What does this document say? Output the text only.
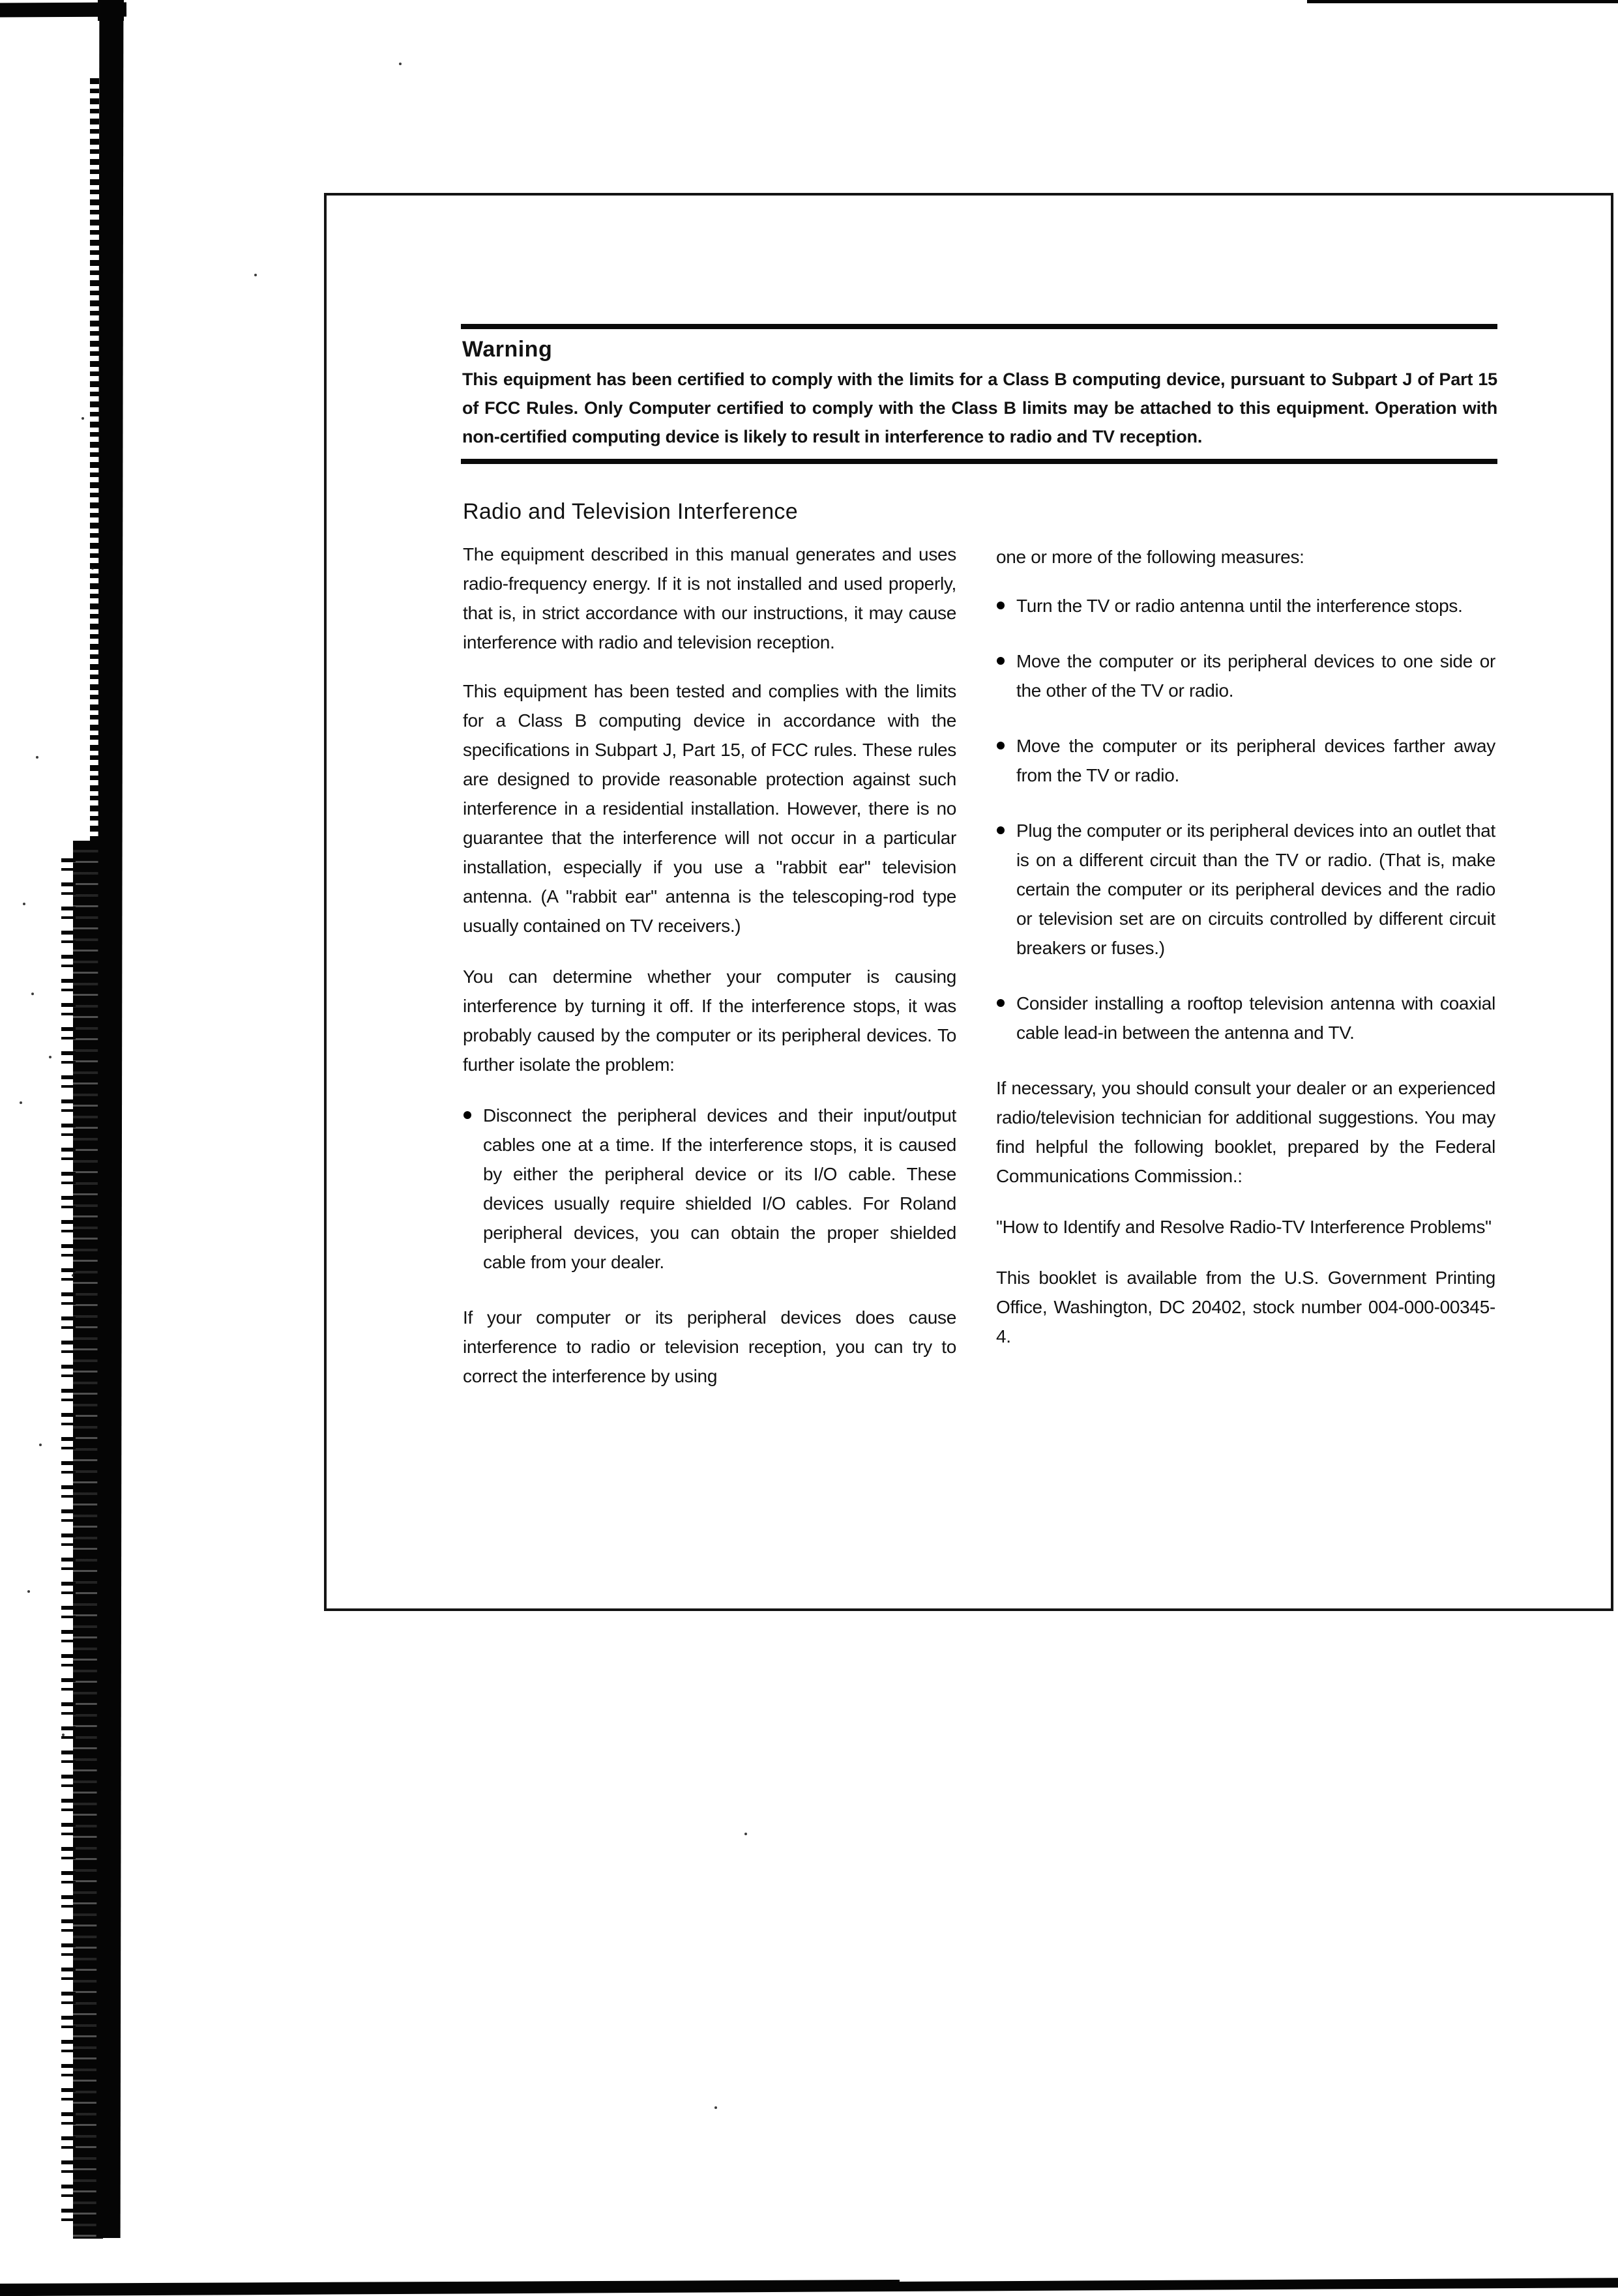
Warning

This equipment has been certified to comply with the limits for a Class B computing device, pursuant to Subpart J of Part 15 of FCC Rules. Only Computer certified to comply with the Class B limits may be attached to this equipment. Operation with non-certified computing device is likely to result in interference to radio and TV reception.

Radio and Television Interference

The equipment described in this manual generates and uses radio-frequency energy. If it is not installed and used properly, that is, in strict accordance with our instructions, it may cause interference with radio and television reception.

This equipment has been tested and complies with the limits for a Class B computing device in accordance with the specifications in Subpart J, Part 15, of FCC rules. These rules are designed to provide reasonable protection against such interference in a residential installation. However, there is no guarantee that the interference will not occur in a particular installation, especially if you use a "rabbit ear" television antenna. (A "rabbit ear" antenna is the telescoping-rod type usually contained on TV receivers.)

You can determine whether your computer is causing interference by turning it off. If the interference stops, it was probably caused by the computer or its peripheral devices. To further isolate the problem:

Disconnect the peripheral devices and their input/output cables one at a time. If the interference stops, it is caused by either the peripheral device or its I/O cable. These devices usually require shielded I/O cables. For Roland peripheral devices, you can obtain the proper shielded cable from your dealer.

If your computer or its peripheral devices does cause interference to radio or television reception, you can try to correct the interference by using

one or more of the following measures:

Turn the TV or radio antenna until the interference stops.

Move the computer or its peripheral devices to one side or the other of the TV or radio.

Move the computer or its peripheral devices farther away from the TV or radio.

Plug the computer or its peripheral devices into an outlet that is on a different circuit than the TV or radio. (That is, make certain the computer or its peripheral devices and the radio or television set are on circuits controlled by different circuit breakers or fuses.)

Consider installing a rooftop television antenna with coaxial cable lead-in between the antenna and TV.

If necessary, you should consult your dealer or an experienced radio/television technician for additional suggestions. You may find helpful the following booklet, prepared by the Federal Communications Commission.:

"How to Identify and Resolve Radio-TV Interference Problems"

This booklet is available from the U.S. Government Printing Office, Washington, DC 20402, stock number 004-000-00345-4.
